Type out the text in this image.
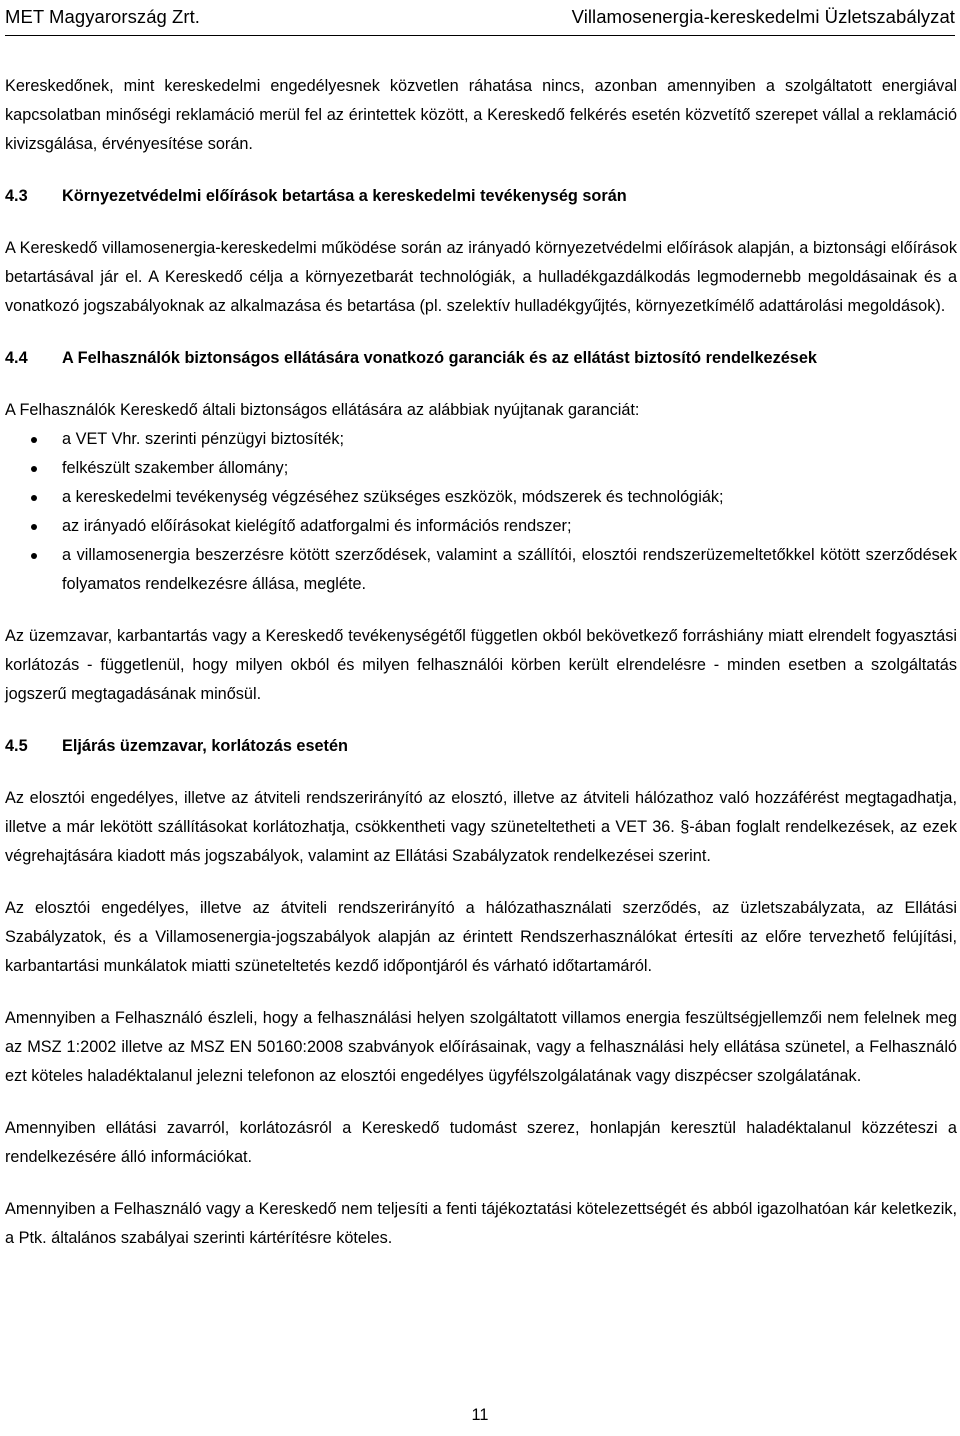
MET Magyarország Zrt.	Villamosenergia-kereskedelmi Üzletszabályzat

Kereskedőnek, mint kereskedelmi engedélyesnek közvetlen ráhatása nincs, azonban amennyiben a szolgáltatott energiával kapcsolatban minőségi reklamáció merül fel az érintettek között, a Kereskedő felkérés esetén közvetítő szerepet vállal a reklamáció kivizsgálása, érvényesítése során.

4.3	Környezetvédelmi előírások betartása a kereskedelmi tevékenység során

A Kereskedő villamosenergia-kereskedelmi működése során az irányadó környezetvédelmi előírások alapján, a biztonsági előírások betartásával jár el. A Kereskedő célja a környezetbarát technológiák, a hulladékgazdálkodás legmodernebb megoldásainak és a vonatkozó jogszabályoknak az alkalmazása és betartása (pl. szelektív hulladékgyűjtés, környezetkímélő adattárolási megoldások).

4.4	A Felhasználók biztonságos ellátására vonatkozó garanciák és az ellátást biztosító rendelkezések

A Felhasználók Kereskedő általi biztonságos ellátására az alábbiak nyújtanak garanciát:

a VET Vhr. szerinti pénzügyi biztosíték;
felkészült szakember állomány;
a kereskedelmi tevékenység végzéséhez szükséges eszközök, módszerek és technológiák;
az irányadó előírásokat kielégítő adatforgalmi és információs rendszer;
a villamosenergia beszerzésre kötött szerződések, valamint a szállítói, elosztói rendszerüzemeltetőkkel kötött szerződések folyamatos rendelkezésre állása, megléte.

Az üzemzavar, karbantartás vagy a Kereskedő tevékenységétől független okból bekövetkező forráshiány miatt elrendelt fogyasztási korlátozás - függetlenül, hogy milyen okból és milyen felhasználói körben került elrendelésre - minden esetben a szolgáltatás jogszerű megtagadásának minősül.

4.5	Eljárás üzemzavar, korlátozás esetén

Az elosztói engedélyes, illetve az átviteli rendszerirányító az elosztó, illetve az átviteli hálózathoz való hozzáférést megtagadhatja, illetve a már lekötött szállításokat korlátozhatja, csökkentheti vagy szüneteltetheti a VET 36. §-ában foglalt rendelkezések, az ezek végrehajtására kiadott más jogszabályok, valamint az Ellátási Szabályzatok rendelkezései szerint.

Az elosztói engedélyes, illetve az átviteli rendszerirányító a hálózathasználati szerződés, az üzletszabályzata, az Ellátási Szabályzatok, és a Villamosenergia-jogszabályok alapján az érintett Rendszerhasználókat értesíti az előre tervezhető felújítási, karbantartási munkálatok miatti szüneteltetés kezdő időpontjáról és várható időtartamáról.

Amennyiben a Felhasználó észleli, hogy a felhasználási helyen szolgáltatott villamos energia feszültségjellemzői nem felelnek meg az MSZ 1:2002 illetve az MSZ EN 50160:2008 szabványok előírásainak, vagy a felhasználási hely ellátása szünetel, a Felhasználó ezt köteles haladéktalanul jelezni telefonon az elosztói engedélyes ügyfélszolgálatának vagy diszpécser szolgálatának.

Amennyiben ellátási zavarról, korlátozásról a Kereskedő tudomást szerez, honlapján keresztül haladéktalanul közzéteszi a rendelkezésére álló információkat.

Amennyiben a Felhasználó vagy a Kereskedő nem teljesíti a fenti tájékoztatási kötelezettségét és abból igazolhatóan kár keletkezik, a Ptk. általános szabályai szerinti kártérítésre köteles.

11
